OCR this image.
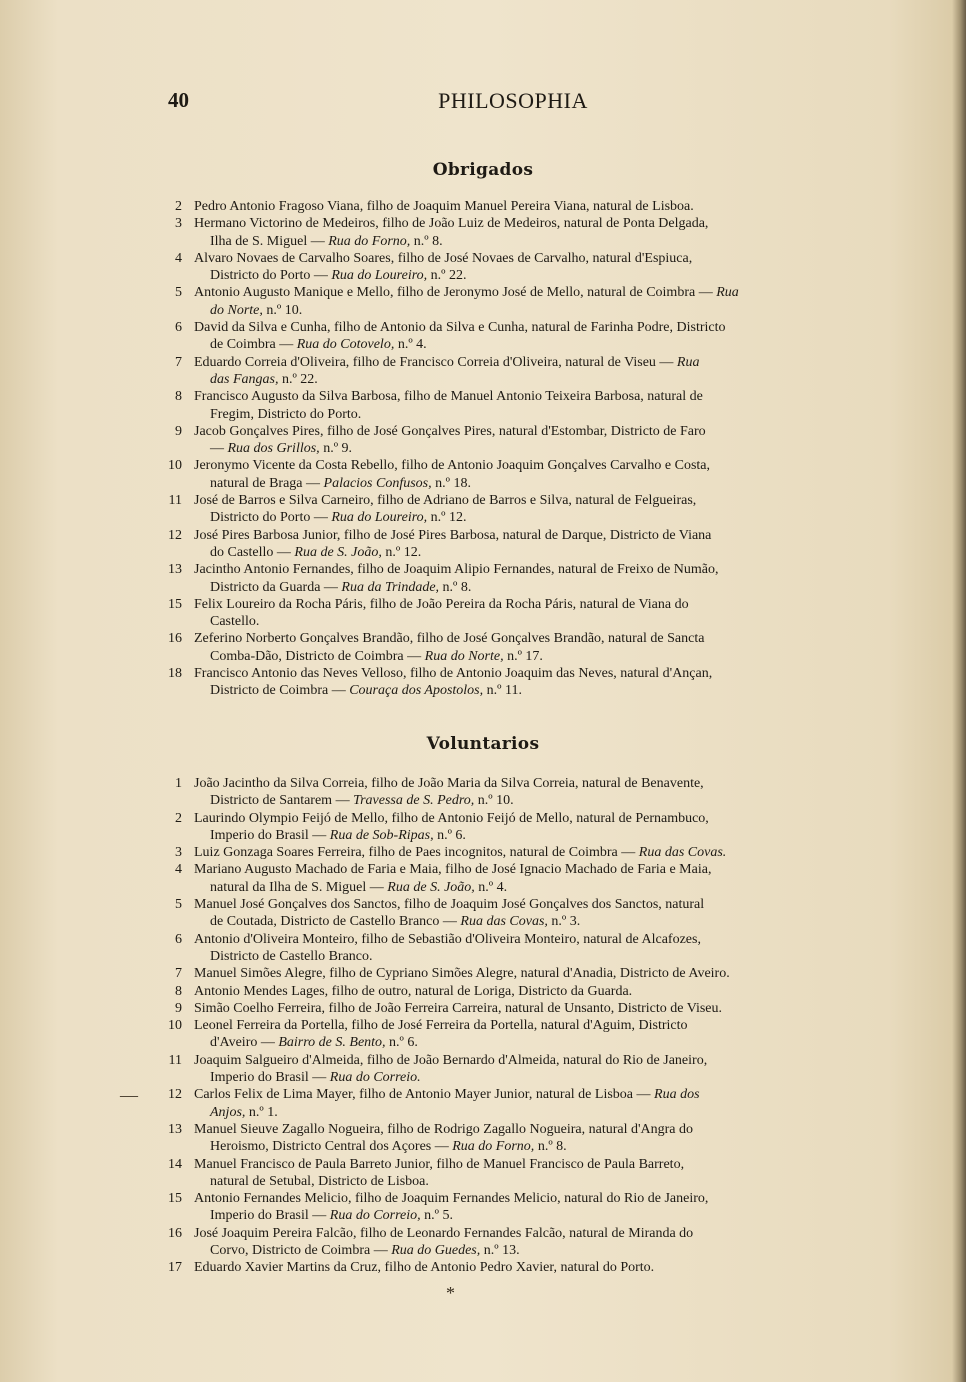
40	PHILOSOPHIA
Obrigados
2 Pedro Antonio Fragoso Viana, filho de Joaquim Manuel Pereira Viana, natural de Lisboa.
3 Hermano Victorino de Medeiros, filho de João Luiz de Medeiros, natural de Ponta Delgada,
Ilha de S. Miguel — Rua do Forno, n.º 8.
4 Alvaro Novaes de Carvalho Soares, filho de José Novaes de Carvalho, natural d'Espiuca,
Districto do Porto — Rua do Loureiro, n.º 22.
5 Antonio Augusto Manique e Mello, filho de Jeronymo José de Mello, natural de Coimbra — Rua
do Norte, n.º 10.
6 David da Silva e Cunha, filho de Antonio da Silva e Cunha, natural de Farinha Podre, Districto
de Coimbra — Rua do Cotovelo, n.º 4.
7 Eduardo Correia d'Oliveira, filho de Francisco Correia d'Oliveira, natural de Viseu — Rua
das Fangas, n.º 22.
8 Francisco Augusto da Silva Barbosa, filho de Manuel Antonio Teixeira Barbosa, natural de
Fregim, Districto do Porto.
9 Jacob Gonçalves Pires, filho de José Gonçalves Pires, natural d'Estombar, Districto de Faro
— Rua dos Grillos, n.º 9.
10 Jeronymo Vicente da Costa Rebello, filho de Antonio Joaquim Gonçalves Carvalho e Costa,
natural de Braga — Palacios Confusos, n.º 18.
11 José de Barros e Silva Carneiro, filho de Adriano de Barros e Silva, natural de Felgueiras,
Districto do Porto — Rua do Loureiro, n.º 12.
12 José Pires Barbosa Junior, filho de José Pires Barbosa, natural de Darque, Districto de Viana
do Castello — Rua de S. João, n.º 12.
13 Jacintho Antonio Fernandes, filho de Joaquim Alipio Fernandes, natural de Freixo de Numão,
Districto da Guarda — Rua da Trindade, n.º 8.
15 Felix Loureiro da Rocha Páris, filho de João Pereira da Rocha Páris, natural de Viana do
Castello.
16 Zeferino Norberto Gonçalves Brandão, filho de José Gonçalves Brandão, natural de Sancta
Comba-Dão, Districto de Coimbra — Rua do Norte, n.º 17.
18 Francisco Antonio das Neves Velloso, filho de Antonio Joaquim das Neves, natural d'Ançan,
Districto de Coimbra — Couraça dos Apostolos, n.º 11.
Voluntarios
1 João Jacintho da Silva Correia, filho de João Maria da Silva Correia, natural de Benavente,
Districto de Santarem — Travessa de S. Pedro, n.º 10.
2 Laurindo Olympio Feijó de Mello, filho de Antonio Feijó de Mello, natural de Pernambuco,
Imperio do Brasil — Rua de Sob-Ripas, n.º 6.
3 Luiz Gonzaga Soares Ferreira, filho de Paes incognitos, natural de Coimbra — Rua das Covas.
4 Mariano Augusto Machado de Faria e Maia, filho de José Ignacio Machado de Faria e Maia,
natural da Ilha de S. Miguel — Rua de S. João, n.º 4.
5 Manuel José Gonçalves dos Sanctos, filho de Joaquim José Gonçalves dos Sanctos, natural
de Coutada, Districto de Castello Branco — Rua das Covas, n.º 3.
6 Antonio d'Oliveira Monteiro, filho de Sebastião d'Oliveira Monteiro, natural de Alcafozes,
Districto de Castello Branco.
7 Manuel Simões Alegre, filho de Cypriano Simões Alegre, natural d'Anadia, Districto de Aveiro.
8 Antonio Mendes Lages, filho de outro, natural de Loriga, Districto da Guarda.
9 Simão Coelho Ferreira, filho de João Ferreira Carreira, natural de Unsanto, Districto de Viseu.
10 Leonel Ferreira da Portella, filho de José Ferreira da Portella, natural d'Aguim, Districto
d'Aveiro — Bairro de S. Bento, n.º 6.
11 Joaquim Salgueiro d'Almeida, filho de João Bernardo d'Almeida, natural do Rio de Janeiro,
Imperio do Brasil — Rua do Correio.
12 Carlos Felix de Lima Mayer, filho de Antonio Mayer Junior, natural de Lisboa — Rua dos
Anjos, n.º 1.
13 Manuel Sieuve Zagallo Nogueira, filho de Rodrigo Zagallo Nogueira, natural d'Angra do
Heroismo, Districto Central dos Açores — Rua do Forno, n.º 8.
14 Manuel Francisco de Paula Barreto Junior, filho de Manuel Francisco de Paula Barreto,
natural de Setubal, Districto de Lisboa.
15 Antonio Fernandes Melicio, filho de Joaquim Fernandes Melicio, natural do Rio de Janeiro,
Imperio do Brasil — Rua do Correio, n.º 5.
16 José Joaquim Pereira Falcão, filho de Leonardo Fernandes Falcão, natural de Miranda do
Corvo, Districto de Coimbra — Rua do Guedes, n.º 13.
17 Eduardo Xavier Martins da Cruz, filho de Antonio Pedro Xavier, natural do Porto.
—
*
